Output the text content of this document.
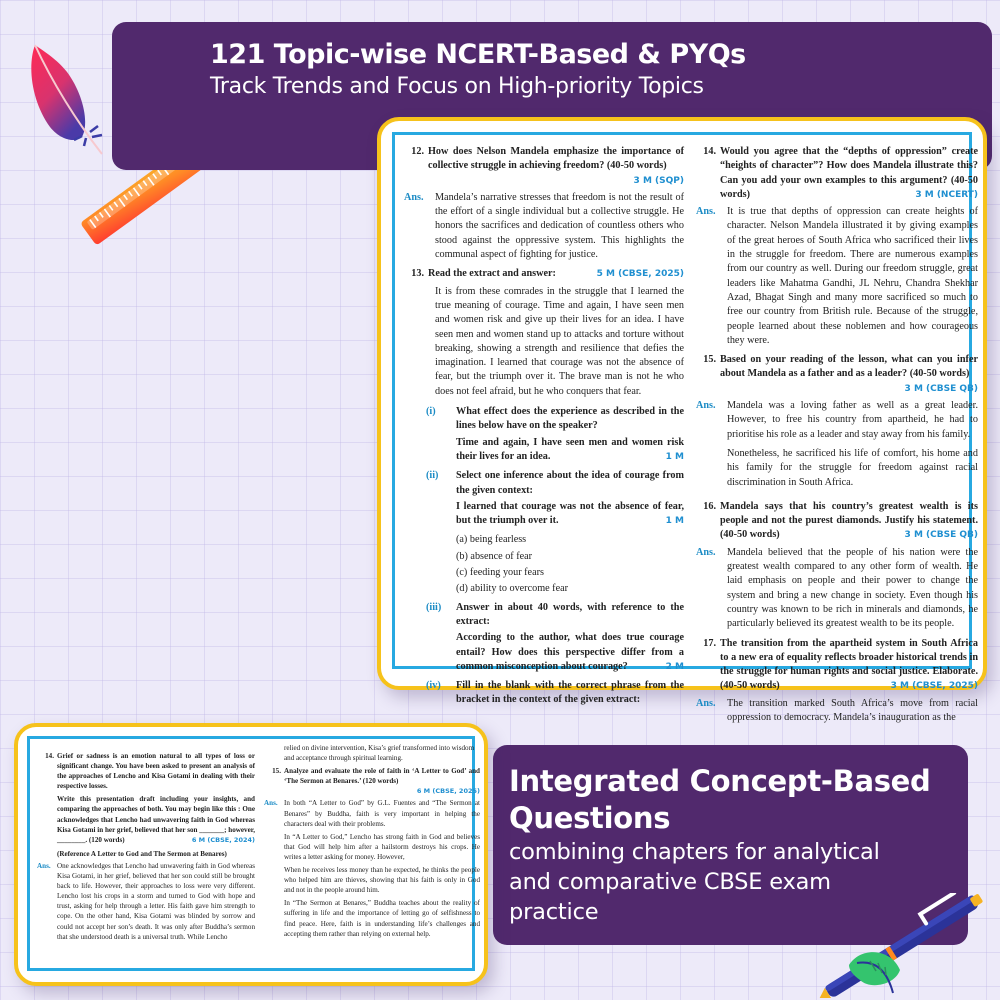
121 Topic-wise NCERT-Based & PYQs
Track Trends and Focus on High-priority Topics
Integrated Concept-Based
Questions
combining chapters for analytical
and comparative CBSE exam
practice
12. How does Nelson Mandela emphasize the importance of collective struggle in achieving freedom? (40-50 words)
3 M (SQP)
Ans.	Mandela’s narrative stresses that freedom is not the result of the effort of a single individual but a collective struggle. He honors the sacrifices and dedication of countless others who stood against the oppressive system. This highlights the communal aspect of fighting for justice.
13. Read the extract and answer:	5 M (CBSE, 2025)
It is from these comrades in the struggle that I learned the true meaning of courage. Time and again, I have seen men and women risk and give up their lives for an idea. I have seen men and women stand up to attacks and torture without breaking, showing a strength and resilience that defies the imagination. I learned that courage was not the absence of fear, but the triumph over it. The brave man is not he who does not feel afraid, but he who conquers that fear.
(i)	What effect does the experience as described in the lines below have on the speaker?

Time and again, I have seen men and women risk their lives for an idea.	1 M

(ii)	Select one inference about the idea of courage from the given context:

I learned that courage was not the absence of fear, but the triumph over it.	1 M

(a) being fearless
(b) absence of fear
(c) feeding your fears
(d) ability to overcome fear
(iii)	Answer in about 40 words, with reference to the extract:

According to the author, what does true courage entail? How does this perspective differ from a common misconception about courage?	2 M

(iv)	Fill in the blank with the correct phrase from the bracket in the context of the given extract:

14. Would you agree that the “depths of oppression” create “heights of character”? How does Mandela illustrate this? Can you add your own examples to this argument? (40-50 words)	3 M (NCERT)
Ans.	It is true that depths of oppression can create heights of character. Nelson Mandela illustrated it by giving examples of the great heroes of South Africa who sacrificed their lives in the struggle for freedom. There are numerous examples from our country as well. During our freedom struggle, great leaders like Mahatma Gandhi, JL Nehru, Chandra Shekhar Azad, Bhagat Singh and many more sacrificed so much to free our country from British rule. Because of the struggle, people learned about these noblemen and how courageous they were.
15. Based on your reading of the lesson, what can you infer about Mandela as a father and as a leader? (40-50 words)
3 M (CBSE QB)
Ans.	Mandela was a loving father as well as a great leader. However, to free his country from apartheid, he had to prioritise his role as a leader and stay away from his family.

Nonetheless, he sacrificed his life of comfort, his home and his family for the struggle for freedom against racial discrimination in South Africa.

16. Mandela says that his country’s greatest wealth is its people and not the purest diamonds. Justify his statement. (40-50 words)	3 M (CBSE QB)
Ans.	Mandela believed that the people of his nation were the greatest wealth compared to any other form of wealth. He laid emphasis on people and their power to change the system and bring a new change in society. Even though his country was known to be rich in minerals and diamonds, he particularly believed its greatest wealth to be its people.
17. The transition from the apartheid system in South Africa to a new era of equality reflects broader historical trends in the struggle for human rights and social justice. Elaborate. (40-50 words)	3 M (CBSE, 2025)
Ans.	The transition marked South Africa’s move from racial oppression to democracy. Mandela’s inauguration as the
14. Grief or sadness is an emotion natural to all types of loss or significant change. You have been asked to present an analysis of the approaches of Lencho and Kisa Gotami in dealing with their respective losses.

Write this presentation draft including your insights, and comparing the approaches of both. You may begin like this : One acknowledges that Lencho had unwavering faith in God whereas Kisa Gotami in her grief, believed that her son _______; however, ________. (120 words)	6 M (CBSE, 2024)

(Reference A Letter to God and The Sermon at Benares)

Ans. One acknowledges that Lencho had unwavering faith in God whereas Kisa Gotami, in her grief, believed that her son could still be brought back to life. However, their approaches to loss were very different. Lencho lost his crops in a storm and turned to God with hope and trust, asking for help through a letter. His faith gave him strength to cope. On the other hand, Kisa Gotami was blinded by sorrow and could not accept her son’s death. It was only after Buddha’s sermon that she understood death is a universal truth. While Lencho
relied on divine intervention, Kisa’s grief transformed into wisdom and acceptance through spiritual learning.
15. Analyze and evaluate the role of faith in ‘A Letter to God’ and ‘The Sermon at Benares.’ (120 words)
6 M (CBSE, 2025)
Ans. In both “A Letter to God” by G.L. Fuentes and “The Sermon at Benares” by Buddha, faith is very important in helping the characters deal with their problems.

In “A Letter to God,” Lencho has strong faith in God and believes that God will help him after a hailstorm destroys his crops. He writes a letter asking for money. However,

When he receives less money than he expected, he thinks the people who helped him are thieves, showing that his faith is only in God and not in the people around him.

In “The Sermon at Benares,” Buddha teaches about the reality of suffering in life and the importance of letting go of selfishness to find peace. Here, faith is in understanding life’s challenges and accepting them rather than relying on external help.
